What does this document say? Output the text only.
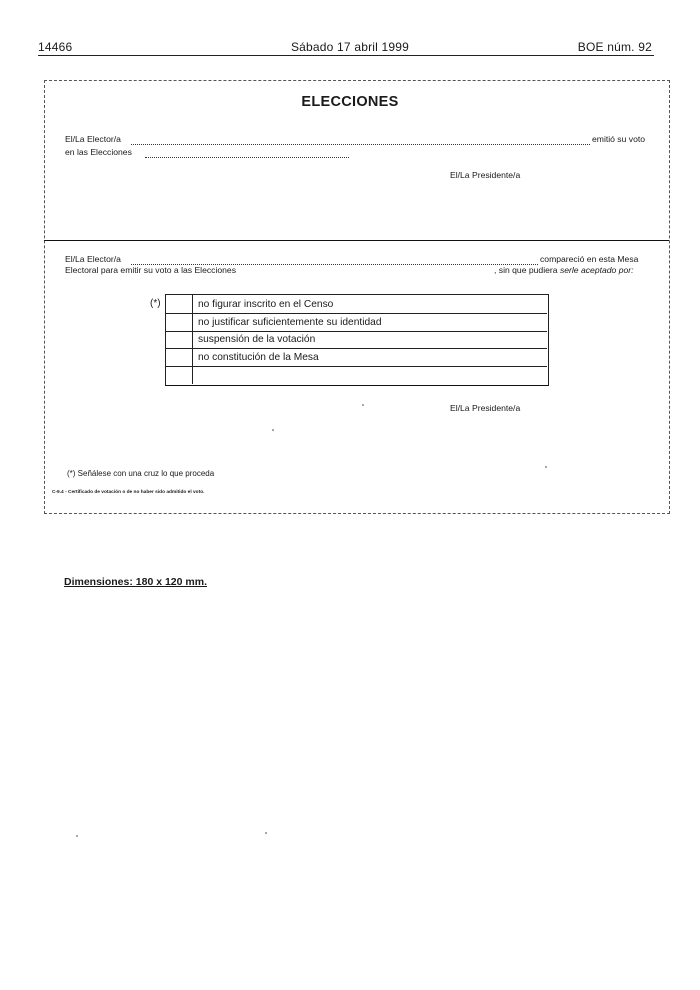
14466	Sábado 17 abril 1999	BOE núm. 92
ELECCIONES
El/La Elector/a	emitió su voto
en las Elecciones
El/La Presidente/a
El/La Elector/a	compareció en esta Mesa
Electoral para emitir su voto a las Elecciones	, sin que pudiera serle aceptado por:
(*)	no figurar inscrito en el Censo
no justificar suficientemente su identidad
suspensión de la votación
no constitución de la Mesa
El/La Presidente/a
(*) Señálese con una cruz lo que proceda
C-9.4 - Certificado de votación o de no haber sido admitido el voto.
Dimensiones: 180 x 120 mm.
